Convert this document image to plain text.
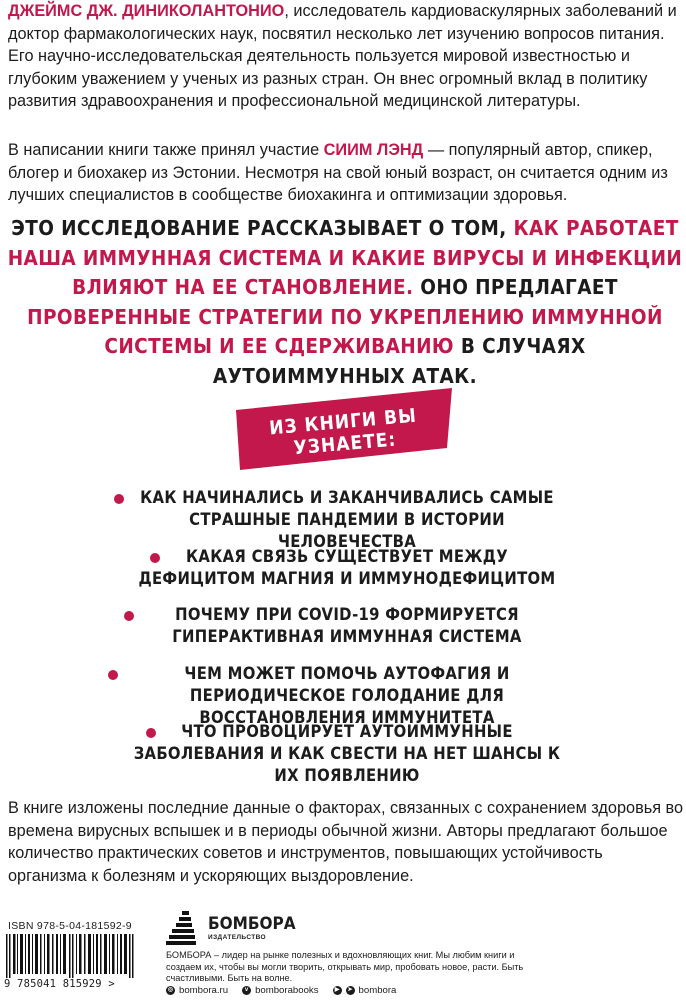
ДЖЕЙМС ДЖ. ДИНИКОЛАНТОНИО, исследователь кардиоваскулярных заболеваний и доктор фармакологических наук, посвятил несколько лет изучению вопросов питания. Его научно-исследовательская деятельность пользуется мировой известностью и глубоким уважением у ученых из разных стран. Он внес огромный вклад в политику развития здравоохранения и профессиональной медицинской литературы.

В написании книги также принял участие СИИМ ЛЭНД — популярный автор, спикер, блогер и биохакер из Эстонии. Несмотря на свой юный возраст, он считается одним из лучших специалистов в сообществе биохакинга и оптимизации здоровья.

ЭТО ИССЛЕДОВАНИЕ РАССКАЗЫВАЕТ О ТОМ, КАК РАБОТАЕТ НАША ИММУННАЯ СИСТЕМА И КАКИЕ ВИРУСЫ И ИНФЕКЦИИ ВЛИЯЮТ НА ЕЕ СТАНОВЛЕНИЕ. ОНО ПРЕДЛАГАЕТ ПРОВЕРЕННЫЕ СТРАТЕГИИ ПО УКРЕПЛЕНИЮ ИММУННОЙ СИСТЕМЫ И ЕЕ СДЕРЖИВАНИЮ В СЛУЧАЯХ АУТОИММУННЫХ АТАК.

ИЗ КНИГИ ВЫ УЗНАЕТЕ:
КАК НАЧИНАЛИСЬ И ЗАКАНЧИВАЛИСЬ САМЫЕ СТРАШНЫЕ ПАНДЕМИИ В ИСТОРИИ ЧЕЛОВЕЧЕСТВА
КАКАЯ СВЯЗЬ СУЩЕСТВУЕТ МЕЖДУ ДЕФИЦИТОМ МАГНИЯ И ИММУНОДЕФИЦИТОМ
ПОЧЕМУ ПРИ COVID-19 ФОРМИРУЕТСЯ ГИПЕРАКТИВНАЯ ИММУННАЯ СИСТЕМА
ЧЕМ МОЖЕТ ПОМОЧЬ АУТОФАГИЯ И ПЕРИОДИЧЕСКОЕ ГОЛОДАНИЕ ДЛЯ ВОССТАНОВЛЕНИЯ ИММУНИТЕТА
ЧТО ПРОВОЦИРУЕТ АУТОИММУННЫЕ ЗАБОЛЕВАНИЯ И КАК СВЕСТИ НА НЕТ ШАНСЫ К ИХ ПОЯВЛЕНИЮ

В книге изложены последние данные о факторах, связанных с сохранением здоровья во времена вирусных вспышек и в периоды обычной жизни. Авторы предлагают большое количество практических советов и инструментов, повышающих устойчивость организма к болезням и ускоряющих выздоровление.

ISBN 978-5-04-181592-9
9 785041 815929 >
БОМБОРА
ИЗДАТЕЛЬСТВО
БОМБОРА – лидер на рынке полезных и вдохновляющих книг. Мы любим книги и создаем их, чтобы вы могли творить, открывать мир, пробовать новое, расти. Быть счастливыми. Быть на волне.
◎ bombora.ru	v bomborabooks	▶	➤ bombora
